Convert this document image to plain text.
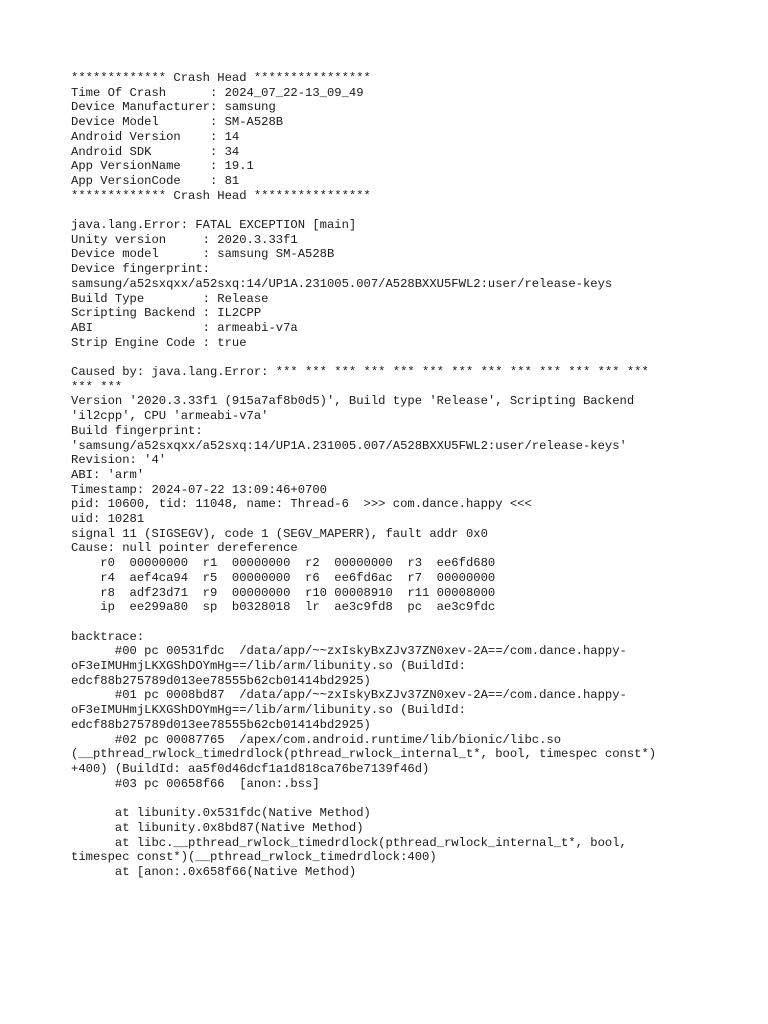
************* Crash Head ****************
Time Of Crash      : 2024_07_22-13_09_49
Device Manufacturer: samsung
Device Model       : SM-A528B
Android Version    : 14
Android SDK        : 34
App VersionName    : 19.1
App VersionCode    : 81
************* Crash Head ****************
java.lang.Error: FATAL EXCEPTION [main]
Unity version     : 2020.3.33f1
Device model      : samsung SM-A528B
Device fingerprint:
samsung/a52sxqxx/a52sxq:14/UP1A.231005.007/A528BXXU5FWL2:user/release-keys
Build Type        : Release
Scripting Backend : IL2CPP
ABI               : armeabi-v7a
Strip Engine Code : true
Caused by: java.lang.Error: *** *** *** *** *** *** *** *** *** *** *** *** ***
*** ***
Version '2020.3.33f1 (915a7af8b0d5)', Build type 'Release', Scripting Backend
'il2cpp', CPU 'armeabi-v7a'
Build fingerprint:
'samsung/a52sxqxx/a52sxq:14/UP1A.231005.007/A528BXXU5FWL2:user/release-keys'
Revision: '4'
ABI: 'arm'
Timestamp: 2024-07-22 13:09:46+0700
pid: 10600, tid: 11048, name: Thread-6  >>> com.dance.happy <<<
uid: 10281
signal 11 (SIGSEGV), code 1 (SEGV_MAPERR), fault addr 0x0
Cause: null pointer dereference
r0  00000000  r1  00000000  r2  00000000  r3  ee6fd680
r4  aef4ca94  r5  00000000  r6  ee6fd6ac  r7  00000000
r8  adf23d71  r9  00000000  r10 00008910  r11 00008000
ip  ee299a80  sp  b0328018  lr  ae3c9fd8  pc  ae3c9fdc
backtrace:
#00 pc 00531fdc  /data/app/~~zxIskyBxZJv37ZN0xev-2A==/com.dance.happy-
oF3eIMUHmjLKXGShDOYmHg==/lib/arm/libunity.so (BuildId:
edcf88b275789d013ee78555b62cb01414bd2925)
#01 pc 0008bd87  /data/app/~~zxIskyBxZJv37ZN0xev-2A==/com.dance.happy-
oF3eIMUHmjLKXGShDOYmHg==/lib/arm/libunity.so (BuildId:
edcf88b275789d013ee78555b62cb01414bd2925)
#02 pc 00087765  /apex/com.android.runtime/lib/bionic/libc.so
(__pthread_rwlock_timedrdlock(pthread_rwlock_internal_t*, bool, timespec const*)
+400) (BuildId: aa5f0d46dcf1a1d818ca76be7139f46d)
#03 pc 00658f66  [anon:.bss]
at libunity.0x531fdc(Native Method)
at libunity.0x8bd87(Native Method)
at libc.__pthread_rwlock_timedrdlock(pthread_rwlock_internal_t*, bool,
timespec const*)(__pthread_rwlock_timedrdlock:400)
at [anon:.0x658f66(Native Method)
